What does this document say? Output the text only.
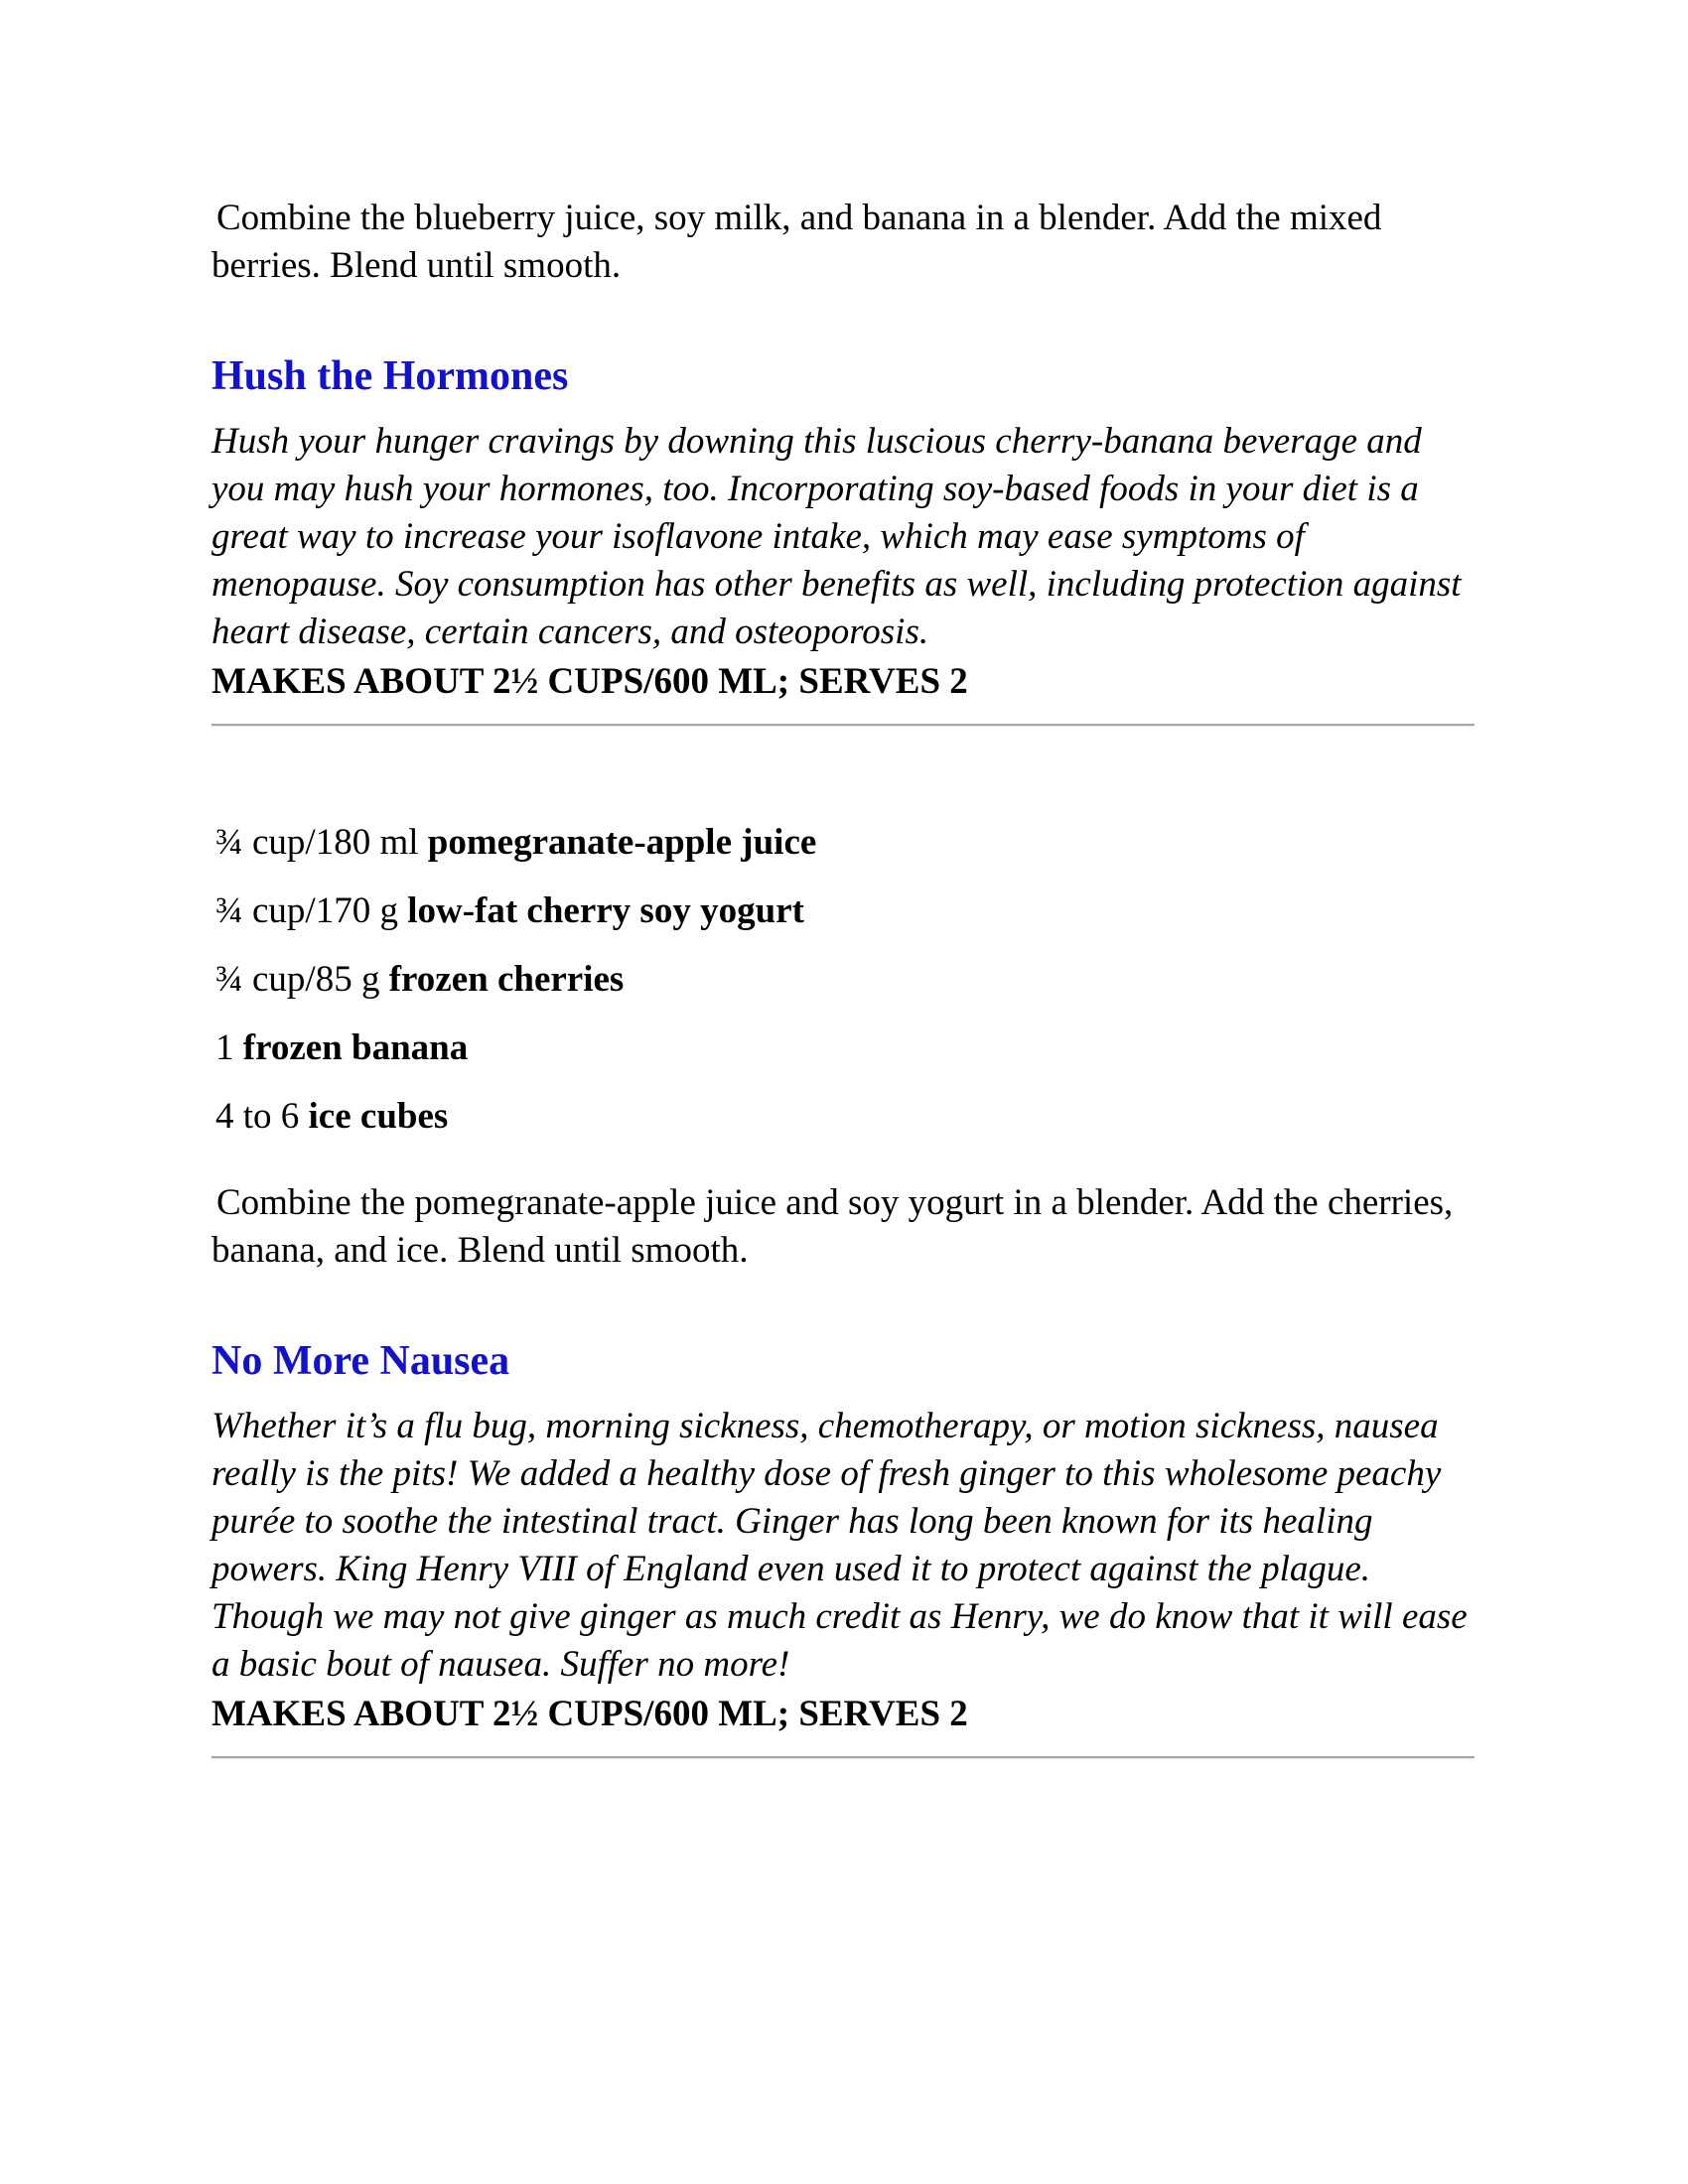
Combine the blueberry juice, soy milk, and banana in a blender. Add the mixed berries. Blend until smooth.

Hush the Hormones

Hush your hunger cravings by downing this luscious cherry-banana beverage and you may hush your hormones, too. Incorporating soy-based foods in your diet is a great way to increase your isoflavone intake, which may ease symptoms of menopause. Soy consumption has other benefits as well, including protection against heart disease, certain cancers, and osteoporosis.

MAKES ABOUT 2½ CUPS/600 ML; SERVES 2

¾ cup/180 ml pomegranate-apple juice
¾ cup/170 g low-fat cherry soy yogurt
¾ cup/85 g frozen cherries
1 frozen banana
4 to 6 ice cubes

Combine the pomegranate-apple juice and soy yogurt in a blender. Add the cherries, banana, and ice. Blend until smooth.

No More Nausea

Whether it’s a flu bug, morning sickness, chemotherapy, or motion sickness, nausea really is the pits! We added a healthy dose of fresh ginger to this wholesome peachy purée to soothe the intestinal tract. Ginger has long been known for its healing powers. King Henry VIII of England even used it to protect against the plague. Though we may not give ginger as much credit as Henry, we do know that it will ease a basic bout of nausea. Suffer no more!

MAKES ABOUT 2½ CUPS/600 ML; SERVES 2
